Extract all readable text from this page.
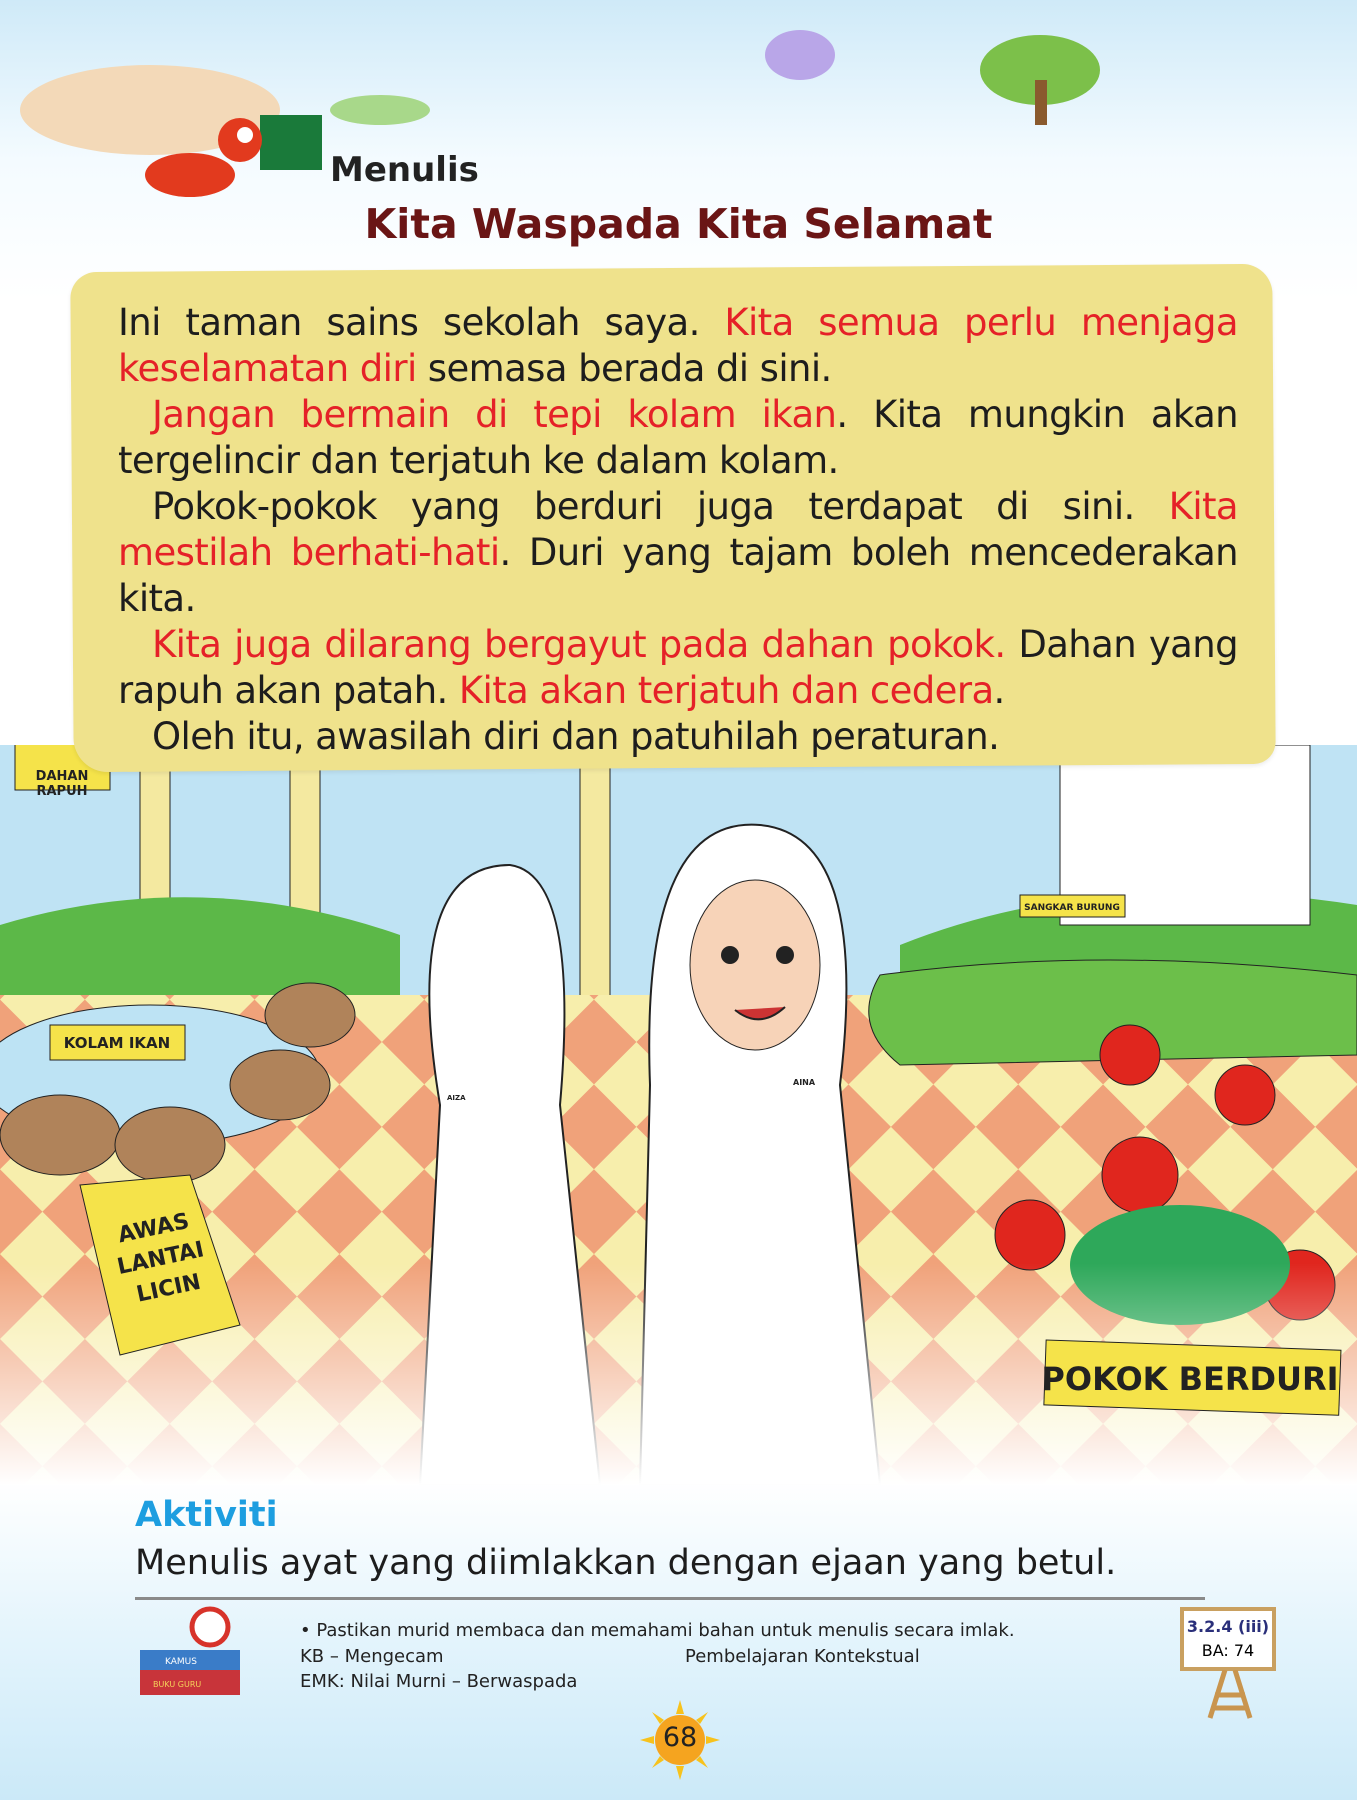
Menulis
Kita Waspada Kita Selamat
DAHAN
RAPUH
KOLAM IKAN
AWAS
LANTAI
LICIN
SANGKAR BURUNG
POKOK BERDURI
AIZA
AINA

Ini taman sains sekolah saya. Kita semua perlu menjaga keselamatan diri semasa berada di sini.

Jangan bermain di tepi kolam ikan. Kita mungkin akan tergelincir dan terjatuh ke dalam kolam.

Pokok-pokok yang berduri juga terdapat di sini. Kita mestilah berhati-hati. Duri yang tajam boleh mencederakan kita.

Kita juga dilarang bergayut pada dahan pokok. Dahan yang rapuh akan patah. Kita akan terjatuh dan cedera.

Oleh itu, awasilah diri dan patuhilah peraturan.

Aktiviti
Menulis ayat yang diimlakkan dengan ejaan yang betul.
KAMUS
BUKU GURU
• Pastikan murid membaca dan memahami bahan untuk menulis secara imlak.
KB – Mengecam	Pembelajaran Kontekstual
EMK: Nilai Murni – Berwaspada
3.2.4 (iii)
BA: 74
68
